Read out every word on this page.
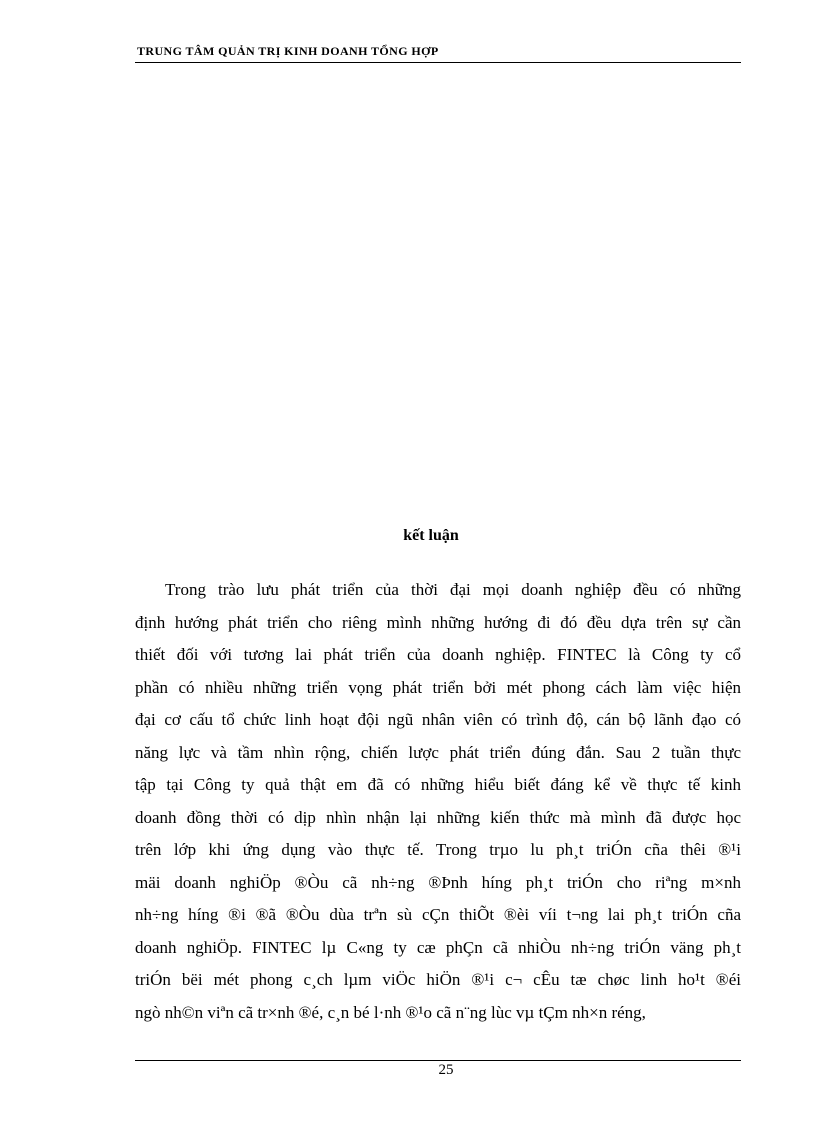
TRUNG TÂM QUẢN TRỊ KINH DOANH TỔNG HỢP
kết luận
Trong trào lưu phát triển của thời đại mọi doanh nghiệp đều có những
định hướng phát triển cho riêng mình những hướng đi đó đều dựa trên sự cần
thiết đối với tương lai phát triển của doanh nghiệp. FINTEC là Công ty cổ
phần có nhiều những triển vọng phát triển bởi mét phong cách làm việc hiện
đại cơ cấu tổ chức linh hoạt đội ngũ nhân viên có trình độ, cán bộ lãnh đạo có
năng lực và tầm nhìn rộng, chiến lược phát triển đúng đắn. Sau 2 tuần thực
tập tại Công ty quả thật em đã có những hiểu biết đáng kể về thực tế kinh
doanh đồng thời có dịp nhìn nhận lại những kiến thức mà mình đã được học
trên lớp khi ứng dụng vào thực tế. Trong trµo lu ph¸t triÓn cña thêi ®¹i
mäi doanh nghiÖp ®Òu cã nh÷ng ®Þnh híng ph¸t triÓn cho riªng m×nh
nh÷ng híng ®i ®ã ®Òu dùa trªn sù cÇn thiÕt ®èi víi t¬ng lai ph¸t triÓn cña
doanh nghiÖp. FINTEC lµ C«ng ty cæ phÇn cã nhiÒu nh÷ng triÓn väng ph¸t
triÓn bëi mét phong c¸ch lµm viÖc hiÖn ®¹i c¬ cÊu tæ chøc linh ho¹t ®éi
ngò nh©n viªn cã tr×nh ®é, c¸n bé l·nh ®¹o cã n¨ng lùc vµ tÇm nh×n réng,
25
